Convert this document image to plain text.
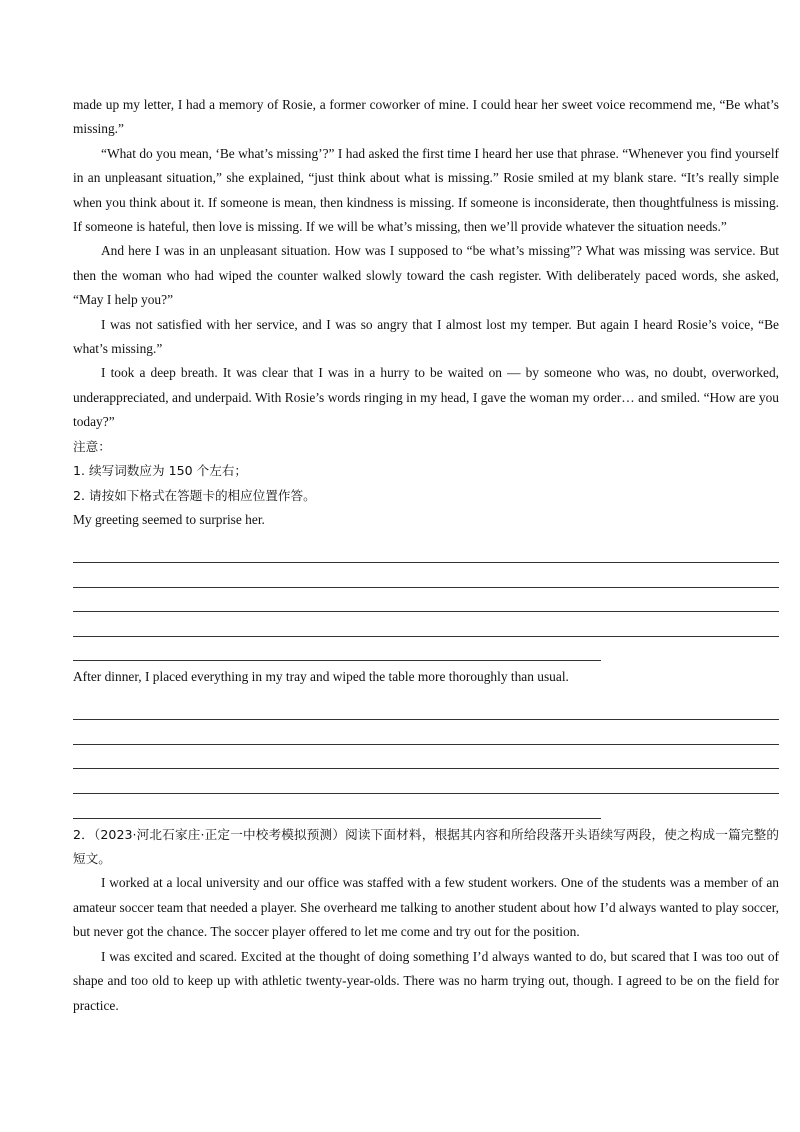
made up my letter, I had a memory of Rosie, a former coworker of mine. I could hear her sweet voice recommend me, “Be what’s missing.”

“What do you mean, ‘Be what’s missing’?” I had asked the first time I heard her use that phrase. “Whenever you find yourself in an unpleasant situation,” she explained, “just think about what is missing.” Rosie smiled at my blank stare. “It’s really simple when you think about it. If someone is mean, then kindness is missing. If someone is inconsiderate, then thoughtfulness is missing. If someone is hateful, then love is missing. If we will be what’s missing, then we’ll provide whatever the situation needs.”

And here I was in an unpleasant situation. How was I supposed to “be what’s missing”? What was missing was service. But then the woman who had wiped the counter walked slowly toward the cash register. With deliberately paced words, she asked, “May I help you?”

I was not satisfied with her service, and I was so angry that I almost lost my temper. But again I heard Rosie’s voice, “Be what’s missing.”

I took a deep breath. It was clear that I was in a hurry to be waited on — by someone who was, no doubt, overworked, underappreciated, and underpaid. With Rosie’s words ringing in my head, I gave the woman my order… and smiled. “How are you today?”

注意：

1. 续写词数应为 150 个左右；

2. 请按如下格式在答题卡的相应位置作答。

My greeting seemed to surprise her.

After dinner, I placed everything in my tray and wiped the table more thoroughly than usual.

2．（2023·河北石家庄·正定一中校考模拟预测）阅读下面材料，根据其内容和所给段落开头语续写两段，使之构成一篇完整的短文。

I worked at a local university and our office was staffed with a few student workers. One of the students was a member of an amateur soccer team that needed a player. She overheard me talking to another student about how I’d always wanted to play soccer, but never got the chance. The soccer player offered to let me come and try out for the position.

I was excited and scared. Excited at the thought of doing something I’d always wanted to do, but scared that I was too out of shape and too old to keep up with athletic twenty-year-olds. There was no harm trying out, though. I agreed to be on the field for practice.
